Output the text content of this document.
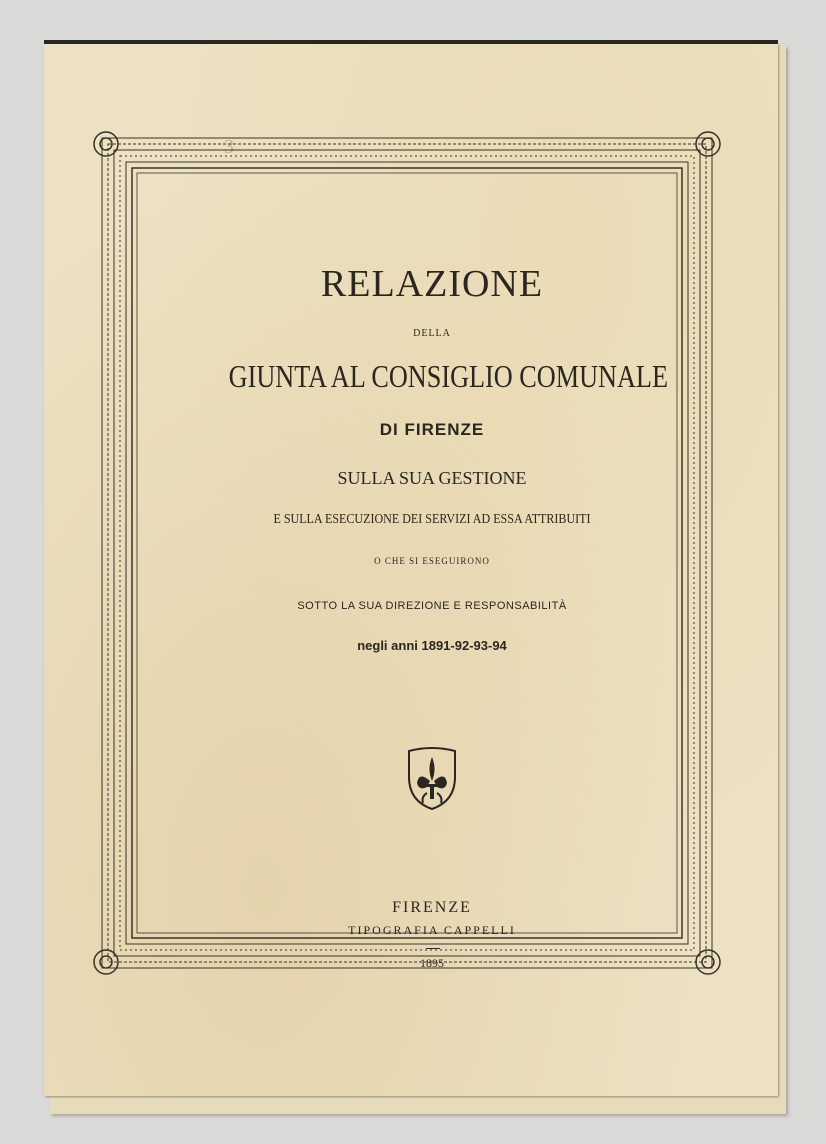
3
RELAZIONE
DELLA
GIUNTA AL CONSIGLIO COMUNALE
DI FIRENZE
SULLA SUA GESTIONE
E SULLA ESECUZIONE DEI SERVIZI AD ESSA ATTRIBUITI
O CHE SI ESEGUIRONO
SOTTO LA SUA DIREZIONE E RESPONSABILITÀ
negli anni 1891-92-93-94
FIRENZE
TIPOGRAFIA CAPPELLI
1895
